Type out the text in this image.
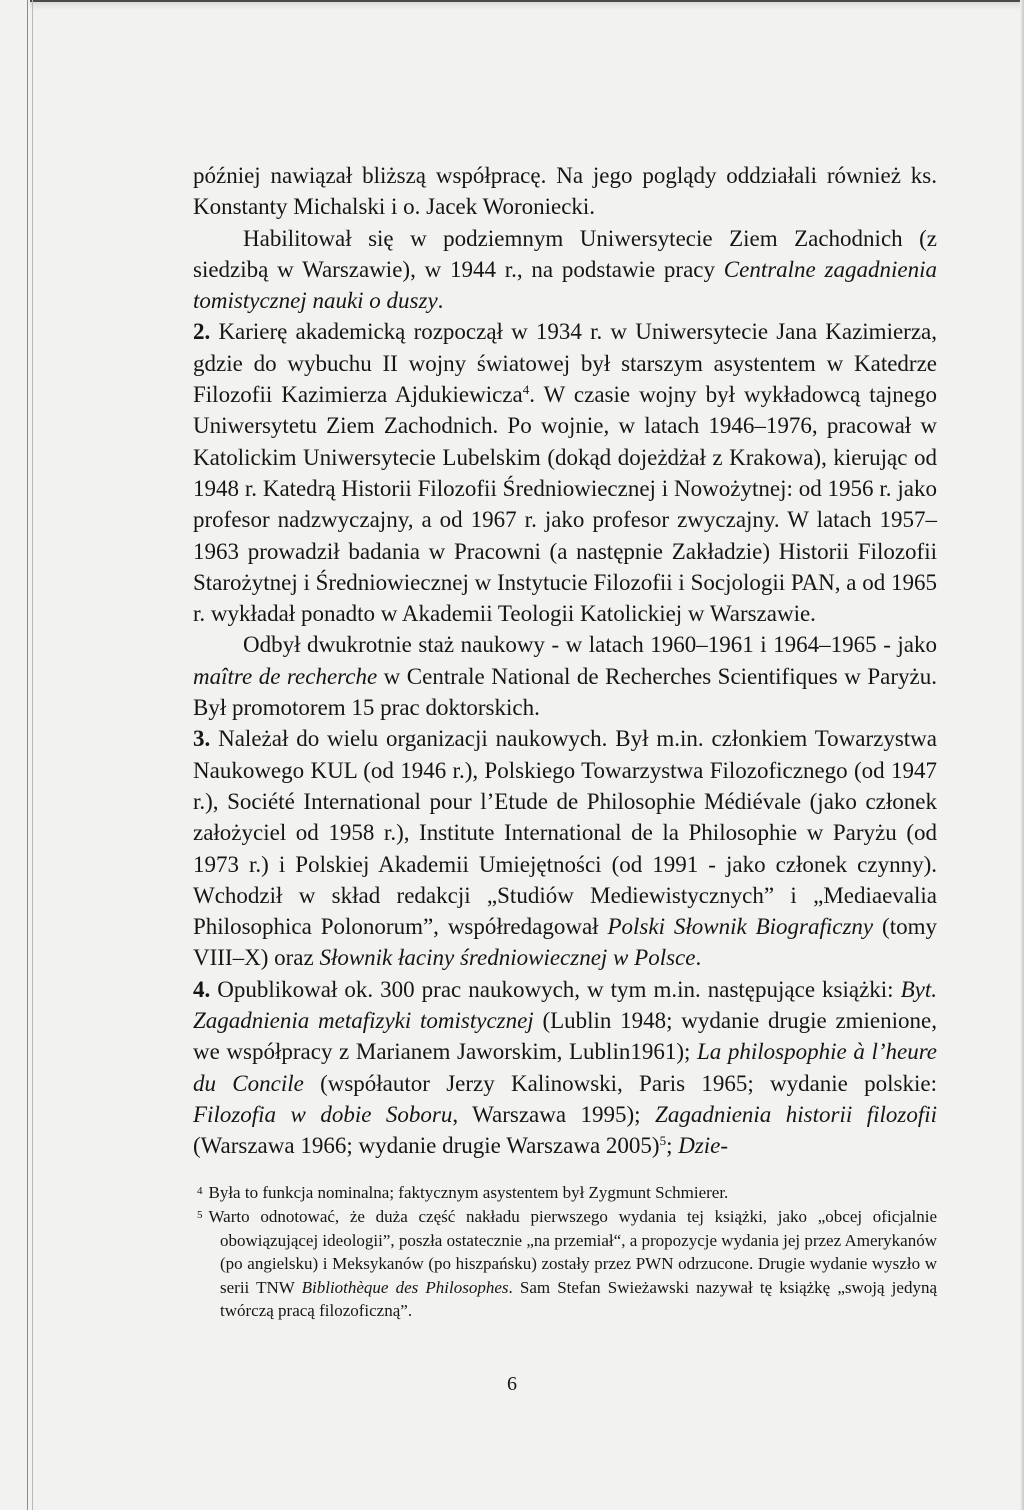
później nawiązał bliższą współpracę. Na jego poglądy oddziałali również ks. Konstanty Michalski i o. Jacek Woroniecki.

Habilitował się w podziemnym Uniwersytecie Ziem Zachodnich (z siedzibą w Warszawie), w 1944 r., na podstawie pracy Centralne zagadnienia tomistycznej nauki o duszy.

2. Karierę akademicką rozpoczął w 1934 r. w Uniwersytecie Jana Kazimierza, gdzie do wybuchu II wojny światowej był starszym asystentem w Katedrze Filozofii Kazimierza Ajdukiewicza$^4$. W czasie wojny był wykładowcą tajnego Uniwersytetu Ziem Zachodnich. Po wojnie, w latach 1946–1976, pracował w Katolickim Uniwersytecie Lubelskim (dokąd dojeżdżał z Krakowa), kierując od 1948 r. Katedrą Historii Filozofii Średniowiecznej i Nowożytnej: od 1956 r. jako profesor nadzwyczajny, a od 1967 r. jako profesor zwyczajny. W latach 1957–1963 prowadził badania w Pracowni (a następnie Zakładzie) Historii Filozofii Starożytnej i Średniowiecznej w Instytucie Filozofii i Socjologii PAN, a od 1965 r. wykładał ponadto w Akademii Teologii Katolickiej w Warszawie.

Odbył dwukrotnie staż naukowy - w latach 1960–1961 i 1964–1965 - jako maître de recherche w Centrale National de Recherches Scientifiques w Paryżu. Był promotorem 15 prac doktorskich.

3. Należał do wielu organizacji naukowych. Był m.in. członkiem Towarzystwa Naukowego KUL (od 1946 r.), Polskiego Towarzystwa Filozoficznego (od 1947 r.), Société International pour l’Etude de Philosophie Médiévale (jako członek założyciel od 1958 r.), Institute International de la Philosophie w Paryżu (od 1973 r.) i Polskiej Akademii Umiejętności (od 1991 - jako członek czynny). Wchodził w skład redakcji „Studiów Mediewistycznych” i „Mediaevalia Philosophica Polonorum”, współredagował Polski Słownik Biograficzny (tomy VIII–X) oraz Słownik łaciny średniowiecznej w Polsce.

4. Opublikował ok. 300 prac naukowych, w tym m.in. następujące książki: Byt. Zagadnienia metafizyki tomistycznej (Lublin 1948; wydanie drugie zmienione, we współpracy z Marianem Jaworskim, Lublin1961); La philospophie à l’heure du Concile (współautor Jerzy Kalinowski, Paris 1965; wydanie polskie: Filozofia w dobie Soboru, Warszawa 1995); Zagadnienia historii filozofii (Warszawa 1966; wydanie drugie Warszawa 2005)$^5$; Dzie-

$^4$ Była to funkcja nominalna; faktycznym asystentem był Zygmunt Schmierer.

$^5$ Warto odnotować, że duża część nakładu pierwszego wydania tej książki, jako „obcej oficjalnie obowiązującej ideologii”, poszła ostatecznie „na przemiał“, a propozycje wydania jej przez Amerykanów (po angielsku) i Meksykanów (po hiszpańsku) zostały przez PWN odrzucone. Drugie wydanie wyszło w serii TNW Bibliothèque des Philosophes. Sam Stefan Swieżawski nazywał tę książkę „swoją jedyną twórczą pracą filozoficzną”.

6
